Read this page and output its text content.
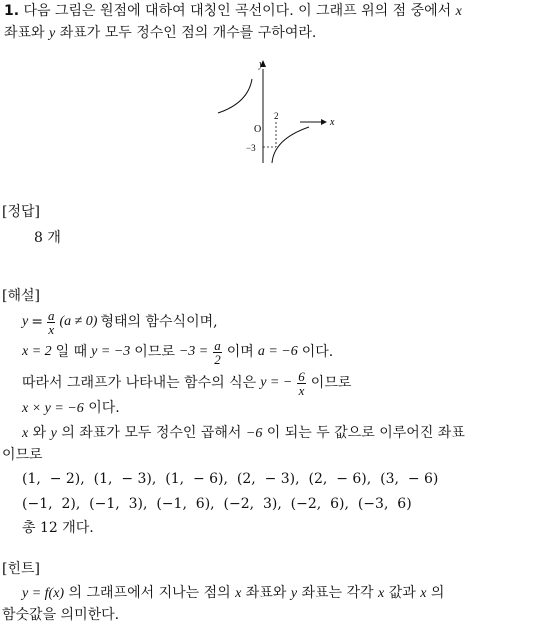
1. 다음 그림은 원점에 대하여 대칭인 곡선이다. 이 그래프 위의 점 중에서 x
좌표와 y 좌표가 모두 정수인 점의 개수를 구하여라.
y
x
O
2
−3
[정답]
8 개
[해설]
$y = \frac{a}{x} (a \ne 0)$ 형태의 함수식이며,
x = 2 일 때 y = −3 이므로 $-3 = \frac{a}{2}$ 이며 a = −6 이다.
따라서 그래프가 나타내는 함수의 식은 y = − $\frac{6}{x}$ 이므로
x × y = −6 이다.
x 와 y 의 좌표가 모두 정수인 곱해서 −6 이 되는 두 값으로 이루어진 좌표
이므로
(1,  − 2),  (1,  − 3),  (1,  − 6),  (2,  − 3),  (2,  − 6),  (3,  − 6)
(−1,  2),  (−1,  3),  (−1,  6),  (−2,  3),  (−2,  6),  (−3,  6)
총 12 개다.
[힌트]
y = f(x) 의 그래프에서 지나는 점의 x 좌표와 y 좌표는 각각 x 값과 x 의
함숫값을 의미한다.
